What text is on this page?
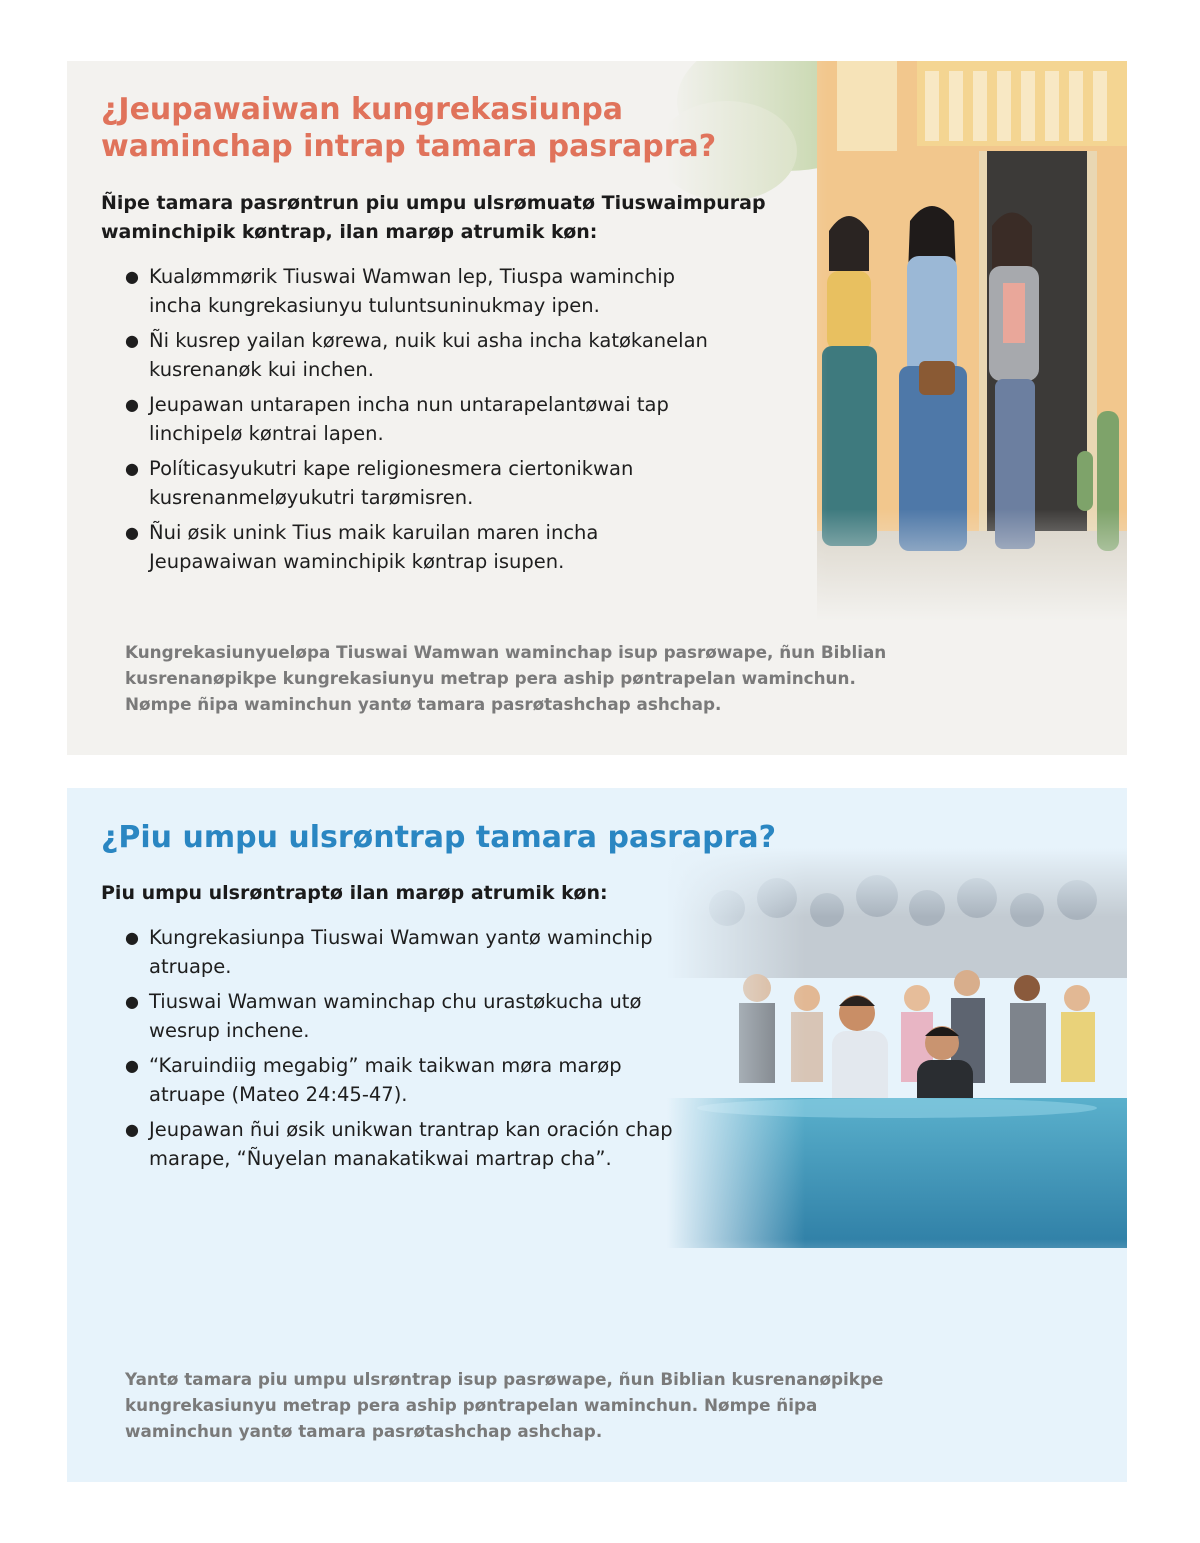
¿Jeupawaiwan kungrekasiunpa waminchap intrap tamara pasrapra?

Ñipe tamara pasrøntrun piu umpu ulsrømuatø Tiuswaimpurap waminchipik køntrap, ilan marøp atrumik køn:

● Kualømmørik Tiuswai Wamwan lep, Tiuspa waminchip incha kungrekasiunyu tuluntsuninukmay ipen.
● Ñi kusrep yailan kørewa, nuik kui asha incha katøkanelan kusrenanøk kui inchen.
● Jeupawan untarapen incha nun untarapelantøwai tap linchipelø køntrai lapen.
● Políticasyukutri kape religionesmera ciertonikwan kusrenanmeløyukutri tarømisren.
● Ñui øsik unink Tius maik karuilan maren incha Jeupawaiwan waminchipik køntrap isupen.

Kungrekasiunyueløpa Tiuswai Wamwan waminchap isup pasrøwape, ñun Biblian kusrenanøpikpe kungrekasiunyu metrap pera aship pøntrapelan waminchun. Nømpe ñipa waminchun yantø tamara pasrøtashchap ashchap.

¿Piu umpu ulsrøntrap tamara pasrapra?

Piu umpu ulsrøntraptø ilan marøp atrumik køn:

● Kungrekasiunpa Tiuswai Wamwan yantø waminchip atruape.
● Tiuswai Wamwan waminchap chu urastøkucha utø wesrup inchene.
● “Karuindiig megabig” maik taikwan møra marøp atruape (Mateo 24:45-47).
● Jeupawan ñui øsik unikwan trantrap kan oración chap marape, “Ñuyelan manakatikwai martrap cha”.

Yantø tamara piu umpu ulsrøntrap isup pasrøwape, ñun Biblian kusrenanøpikpe kungrekasiunyu metrap pera aship pøntrapelan waminchun. Nømpe ñipa waminchun yantø tamara pasrøtashchap ashchap.
